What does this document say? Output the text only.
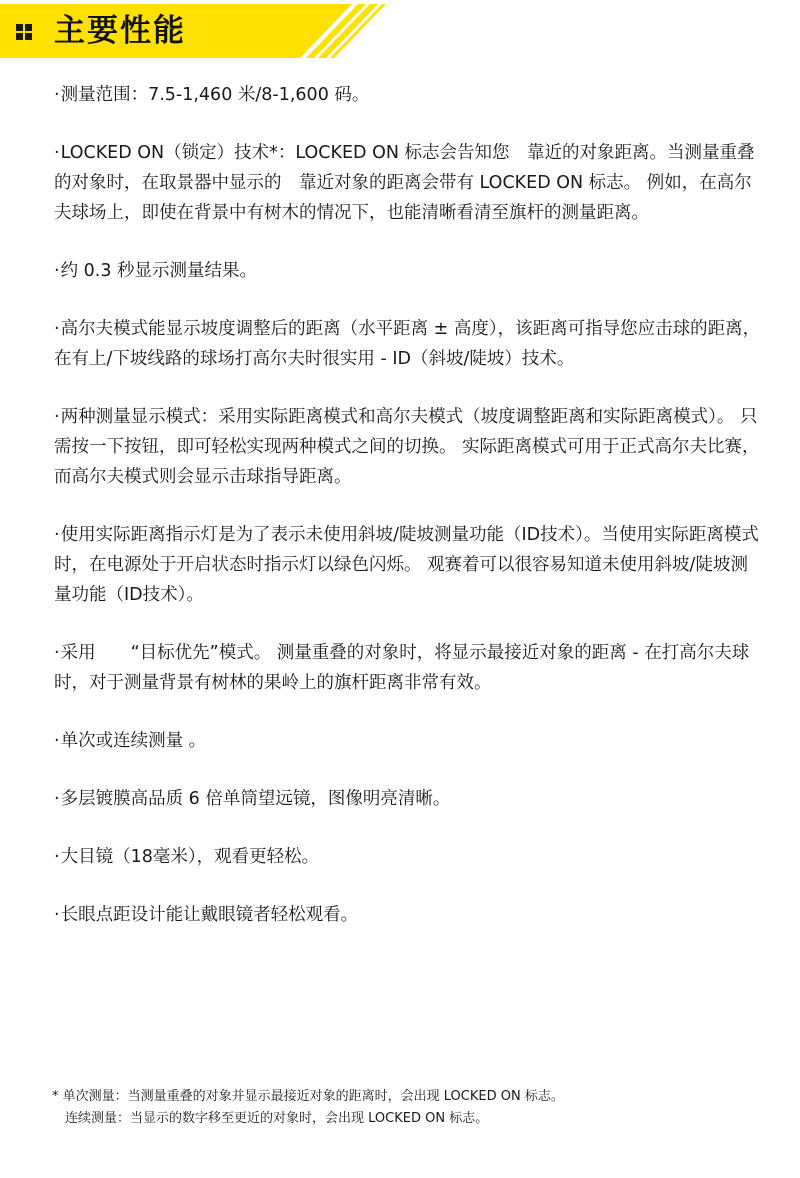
主要性能
·测量范围：7.5-1,460 米/8-1,600 码。
·LOCKED ON（锁定）技术*：LOCKED ON 标志会告知您　靠近的对象距离。当测量重叠的对象时，在取景器中显示的　靠近对象的距离会带有 LOCKED ON 标志。 例如，在高尔夫球场上，即使在背景中有树木的情况下，也能清晰看清至旗杆的测量距离。
·约 0.3 秒显示测量结果。
·高尔夫模式能显示坡度调整后的距离（水平距离 ± 高度），该距离可指导您应击球的距离，在有上/下坡线路的球场打高尔夫时很实用 - ID（斜坡/陡坡）技术。
·两种测量显示模式：采用实际距离模式和高尔夫模式（坡度调整距离和实际距离模式）。 只需按一下按钮，即可轻松实现两种模式之间的切换。 实际距离模式可用于正式高尔夫比赛，而高尔夫模式则会显示击球指导距离。
·使用实际距离指示灯是为了表示未使用斜坡/陡坡测量功能（ID技术）。当使用实际距离模式时，在电源处于开启状态时指示灯以绿色闪烁。 观赛着可以很容易知道未使用斜坡/陡坡测量功能（ID技术）。
·采用　　“目标优先”模式。 测量重叠的对象时，将显示最接近对象的距离 - 在打高尔夫球时，对于测量背景有树林的果岭上的旗杆距离非常有效。
·单次或连续测量 。
·多层镀膜高品质 6 倍单筒望远镜，图像明亮清晰。
·大目镜（18毫米），观看更轻松。
·长眼点距设计能让戴眼镜者轻松观看。
* 单次测量：当测量重叠的对象并显示最接近对象的距离时，会出现 LOCKED ON 标志。
连续测量：当显示的数字移至更近的对象时，会出现 LOCKED ON 标志。
